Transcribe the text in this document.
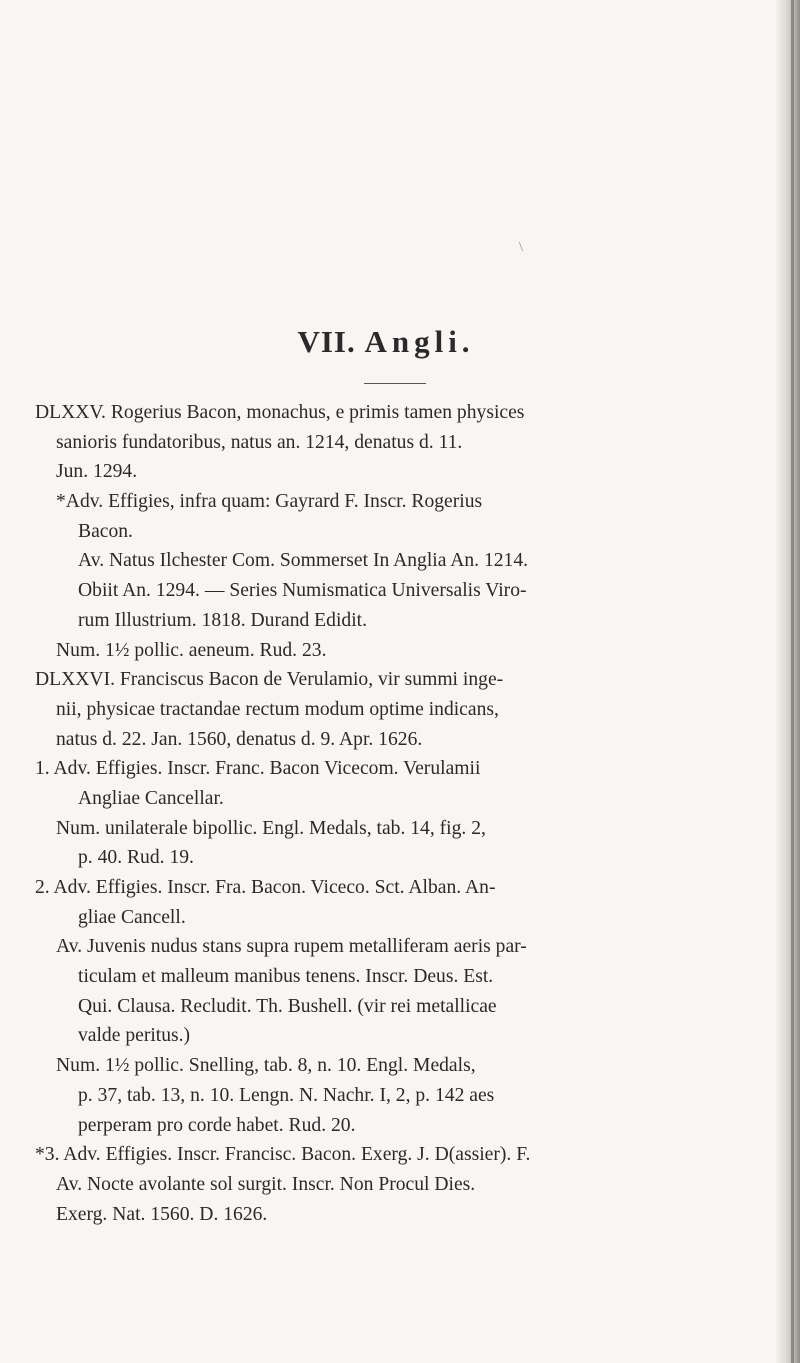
\
VII. Angli.
DLXXV. Rogerius Bacon, monachus, e primis tamen physices
sanioris fundatoribus, natus an. 1214, denatus d. 11.
Jun. 1294.
*Adv. Effigies, infra quam: Gayrard F. Inscr. Rogerius
Bacon.
Av. Natus Ilchester Com. Sommerset In Anglia An. 1214.
Obiit An. 1294. — Series Numismatica Universalis Viro-
rum Illustrium. 1818. Durand Edidit.
Num. 1½ pollic. aeneum. Rud. 23.
DLXXVI. Franciscus Bacon de Verulamio, vir summi inge-
nii, physicae tractandae rectum modum optime indicans,
natus d. 22. Jan. 1560, denatus d. 9. Apr. 1626.
1. Adv. Effigies. Inscr. Franc. Bacon Vicecom. Verulamii
Angliae Cancellar.
Num. unilaterale bipollic. Engl. Medals, tab. 14, fig. 2,
p. 40. Rud. 19.
2. Adv. Effigies. Inscr. Fra. Bacon. Viceco. Sct. Alban. An-
gliae Cancell.
Av. Juvenis nudus stans supra rupem metalliferam aeris par-
ticulam et malleum manibus tenens. Inscr. Deus. Est.
Qui. Clausa. Recludit. Th. Bushell. (vir rei metallicae
valde peritus.)
Num. 1½ pollic. Snelling, tab. 8, n. 10. Engl. Medals,
p. 37, tab. 13, n. 10. Lengn. N. Nachr. I, 2, p. 142 aes
perperam pro corde habet. Rud. 20.
*3. Adv. Effigies. Inscr. Francisc. Bacon. Exerg. J. D(assier). F.
Av. Nocte avolante sol surgit. Inscr. Non Procul Dies.
Exerg. Nat. 1560. D. 1626.
